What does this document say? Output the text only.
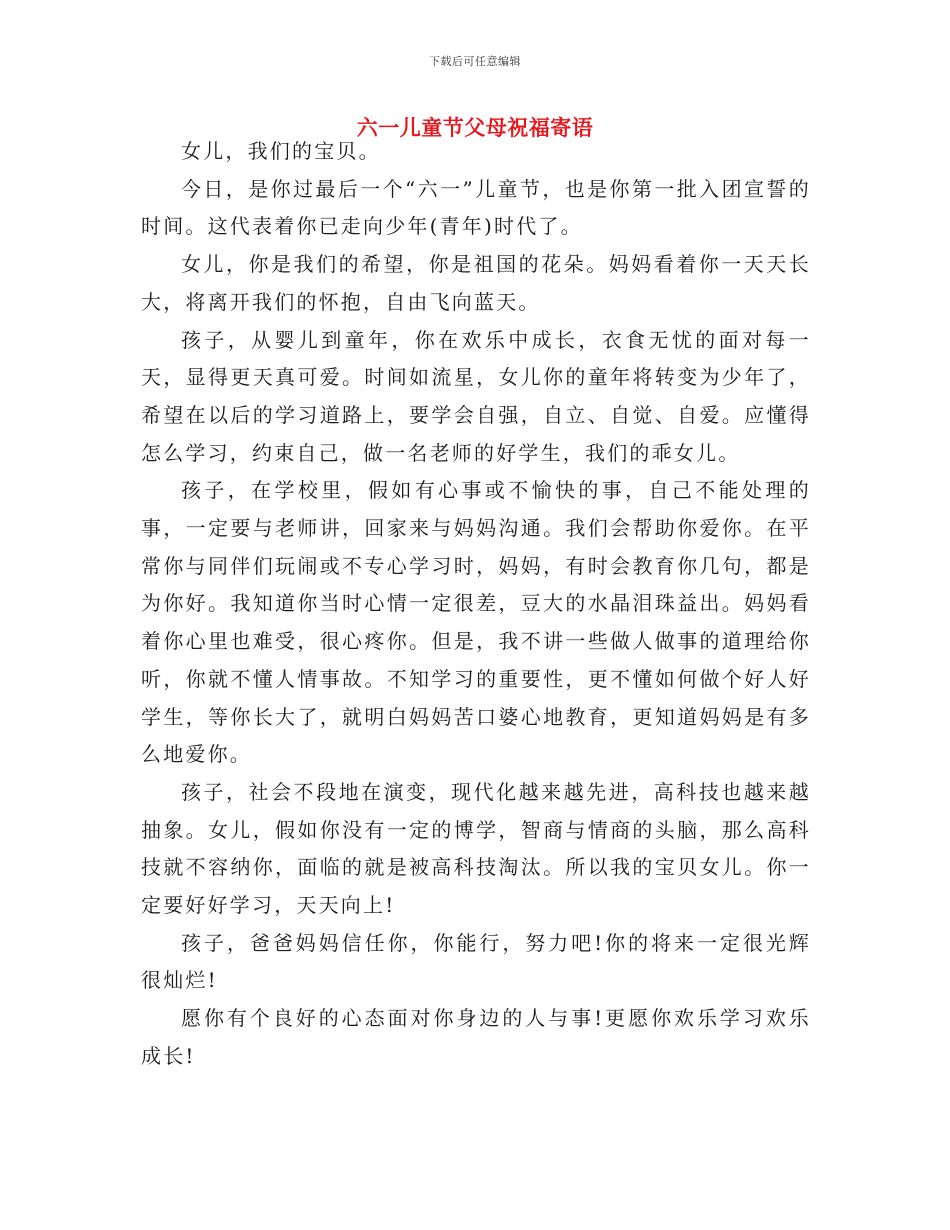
下载后可任意编辑
六一儿童节父母祝福寄语

女儿，我们的宝贝。

今日，是你过最后一个“六一”儿童节，也是你第一批入团宣誓的时间。这代表着你已走向少年(青年)时代了。

女儿，你是我们的希望，你是祖国的花朵。妈妈看着你一天天长大，将离开我们的怀抱，自由飞向蓝天。

孩子，从婴儿到童年，你在欢乐中成长，衣食无忧的面对每一天，显得更天真可爱。时间如流星，女儿你的童年将转变为少年了，希望在以后的学习道路上，要学会自强，自立、自觉、自爱。应懂得怎么学习，约束自己，做一名老师的好学生，我们的乖女儿。

孩子，在学校里，假如有心事或不愉快的事，自己不能处理的事，一定要与老师讲，回家来与妈妈沟通。我们会帮助你爱你。在平常你与同伴们玩闹或不专心学习时，妈妈，有时会教育你几句，都是为你好。我知道你当时心情一定很差，豆大的水晶泪珠益出。妈妈看着你心里也难受，很心疼你。但是，我不讲一些做人做事的道理给你听，你就不懂人情事故。不知学习的重要性，更不懂如何做个好人好学生，等你长大了，就明白妈妈苦口婆心地教育，更知道妈妈是有多么地爱你。

孩子，社会不段地在演变，现代化越来越先进，高科技也越来越抽象。女儿，假如你没有一定的博学，智商与情商的头脑，那么高科技就不容纳你，面临的就是被高科技淘汰。所以我的宝贝女儿。你一定要好好学习，天天向上!

孩子，爸爸妈妈信任你，你能行，努力吧!你的将来一定很光辉很灿烂!

愿你有个良好的心态面对你身边的人与事!更愿你欢乐学习欢乐成长!
